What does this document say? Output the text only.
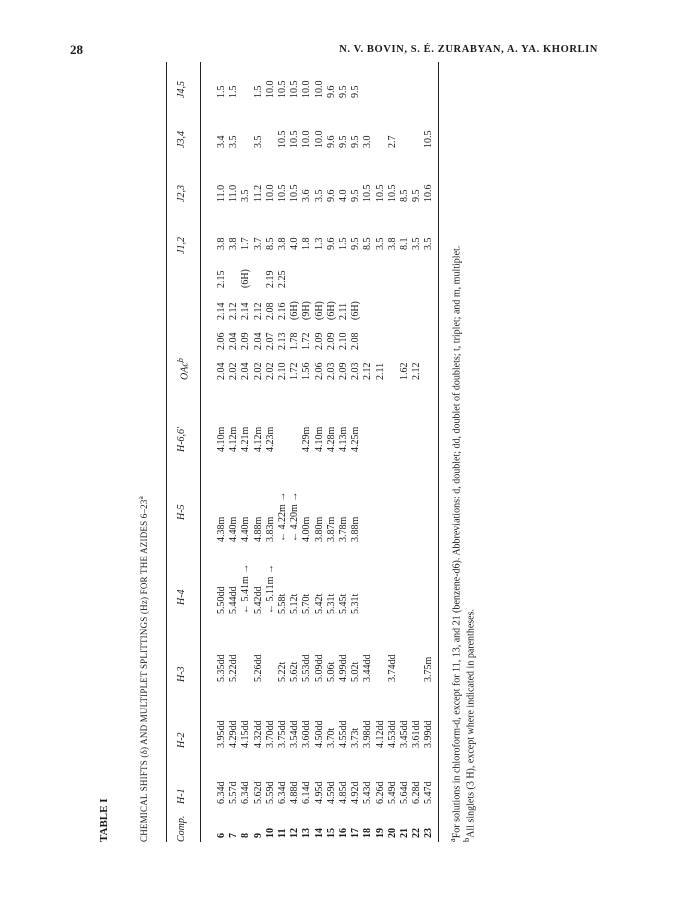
28	N. V. BOVIN, S. É. ZURABYAN, A. YA. KHORLIN
TABLE I	CHEMICAL SHIFTS (δ) AND MULTIPLET SPLITTINGS (Hz) FOR THE AZIDES 6–23$^a$
Comp.
H-1
H-2
H-3
H-4
H-5
H-6,6′
OAc$^b$
J1,2
J2,3
J3,4
J4,5
6
7
8
9
10
11
12
13
14
15
16
17
18
19
20
21
22
23
6.34d
5.57d
6.34d
5.62d
5.59d
6.34d
4.88d
6.14d
4.95d
4.59d
4.85d
4.92d
5.43d
6.26d
5.49d
5.64d
6.28d
5.47d
3.95dd
4.29dd
4.15dd
4.32dd
3.70dd
3.75dd
3.54dd
3.60dd
4.50dd
3.70t
4.55dd
3.73t
3.98dd
4.12dd
4.53dd
3.45dd
3.61dd
3.99dd
5.35dd
5.22dd

5.26dd

5.22t
5.62t
5.53dd
5.09dd
5.06t
4.99dd
5.02t
3.44dd

3.74dd

3.75m
5.50dd
5.44dd
← 5.41m →
5.42dd
← 5.11m →
5.58t
5.12t
5.70t
5.42t
5.31t
5.45t
5.31t

4.38m
4.40m
4.40m
4.88m
3.83m
← 4.22m →
← 4.20m →
4.00m
3.80m
3.87m
3.78m
3.88m

4.10m
4.12m
4.21m
4.12m
4.23m

4.29m
4.10m
4.28m
4.13m
4.25m

2.04
2.02
2.04
2.02
2.02
2.10
1.72
1.56
2.06
2.03
2.09
2.03
2.12
2.11

1.62
2.12

2.06
2.04
2.09
2.04
2.07
2.13
1.78
1.72
2.09
2.09
2.10
2.08

2.14
2.12
2.14
2.12
2.08
2.16
(6H)
(9H)
(6H)
(6H)
2.11
(6H)

2.15

(6H)

2.19
2.25

3.8
3.8
1.7
3.7
8.5
3.8
4.0
1.8
1.3
9.6
1.5
9.5
8.5
3.5
3.8
8.1
3.5
3.5
11.0
11.0
3.5
11.2
10.0
10.5
10.5
3.6
3.5
9.6
4.0
9.5
10.5
10.5
10.5
8.5
9.5
10.6
3.4
3.5

3.5

10.5
10.5
10.0
10.0
9.6
9.5
9.5
3.0

2.7

10.5
1.5
1.5

1.5
10.0
10.5
10.5
10.0
10.0
9.6
9.5
9.5

$^a$For solutions in chloroform-d, except for 11, 13, and 21 (benzene-d6). Abbreviations: d, doublet; dd, doublet of doublets; t, triplet; and m, multiplet.
$^b$All singlets (3 H), except where indicated in parentheses.
